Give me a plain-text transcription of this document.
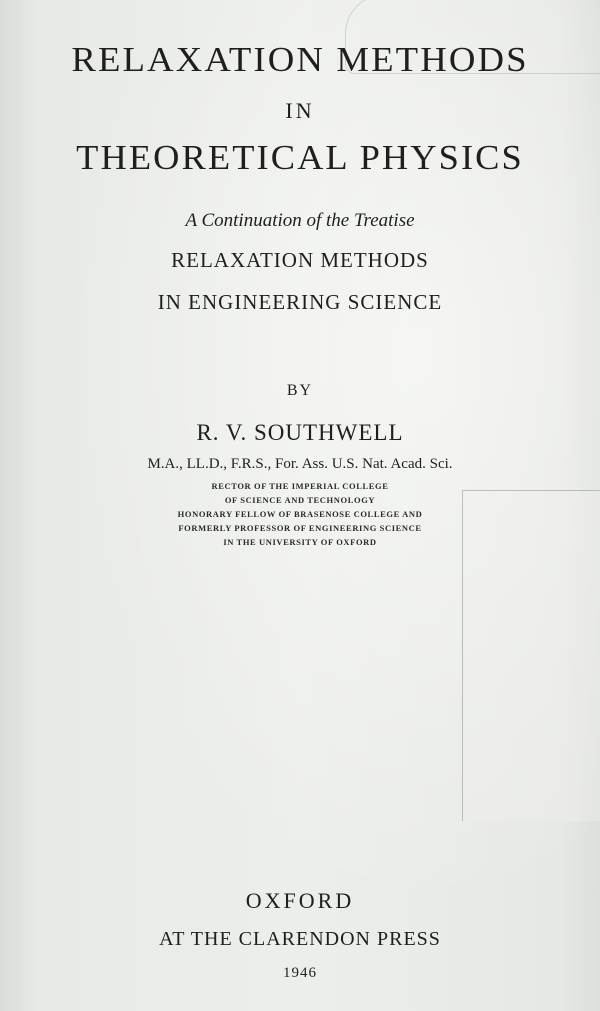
RELAXATION METHODS
IN
THEORETICAL PHYSICS
A Continuation of the Treatise
RELAXATION METHODS
IN ENGINEERING SCIENCE
BY
R. V. SOUTHWELL
M.A., LL.D., F.R.S., For. Ass. U.S. Nat. Acad. Sci.
RECTOR OF THE IMPERIAL COLLEGE
OF SCIENCE AND TECHNOLOGY
HONORARY FELLOW OF BRASENOSE COLLEGE AND
FORMERLY PROFESSOR OF ENGINEERING SCIENCE
IN THE UNIVERSITY OF OXFORD
OXFORD
AT THE CLARENDON PRESS
1946
